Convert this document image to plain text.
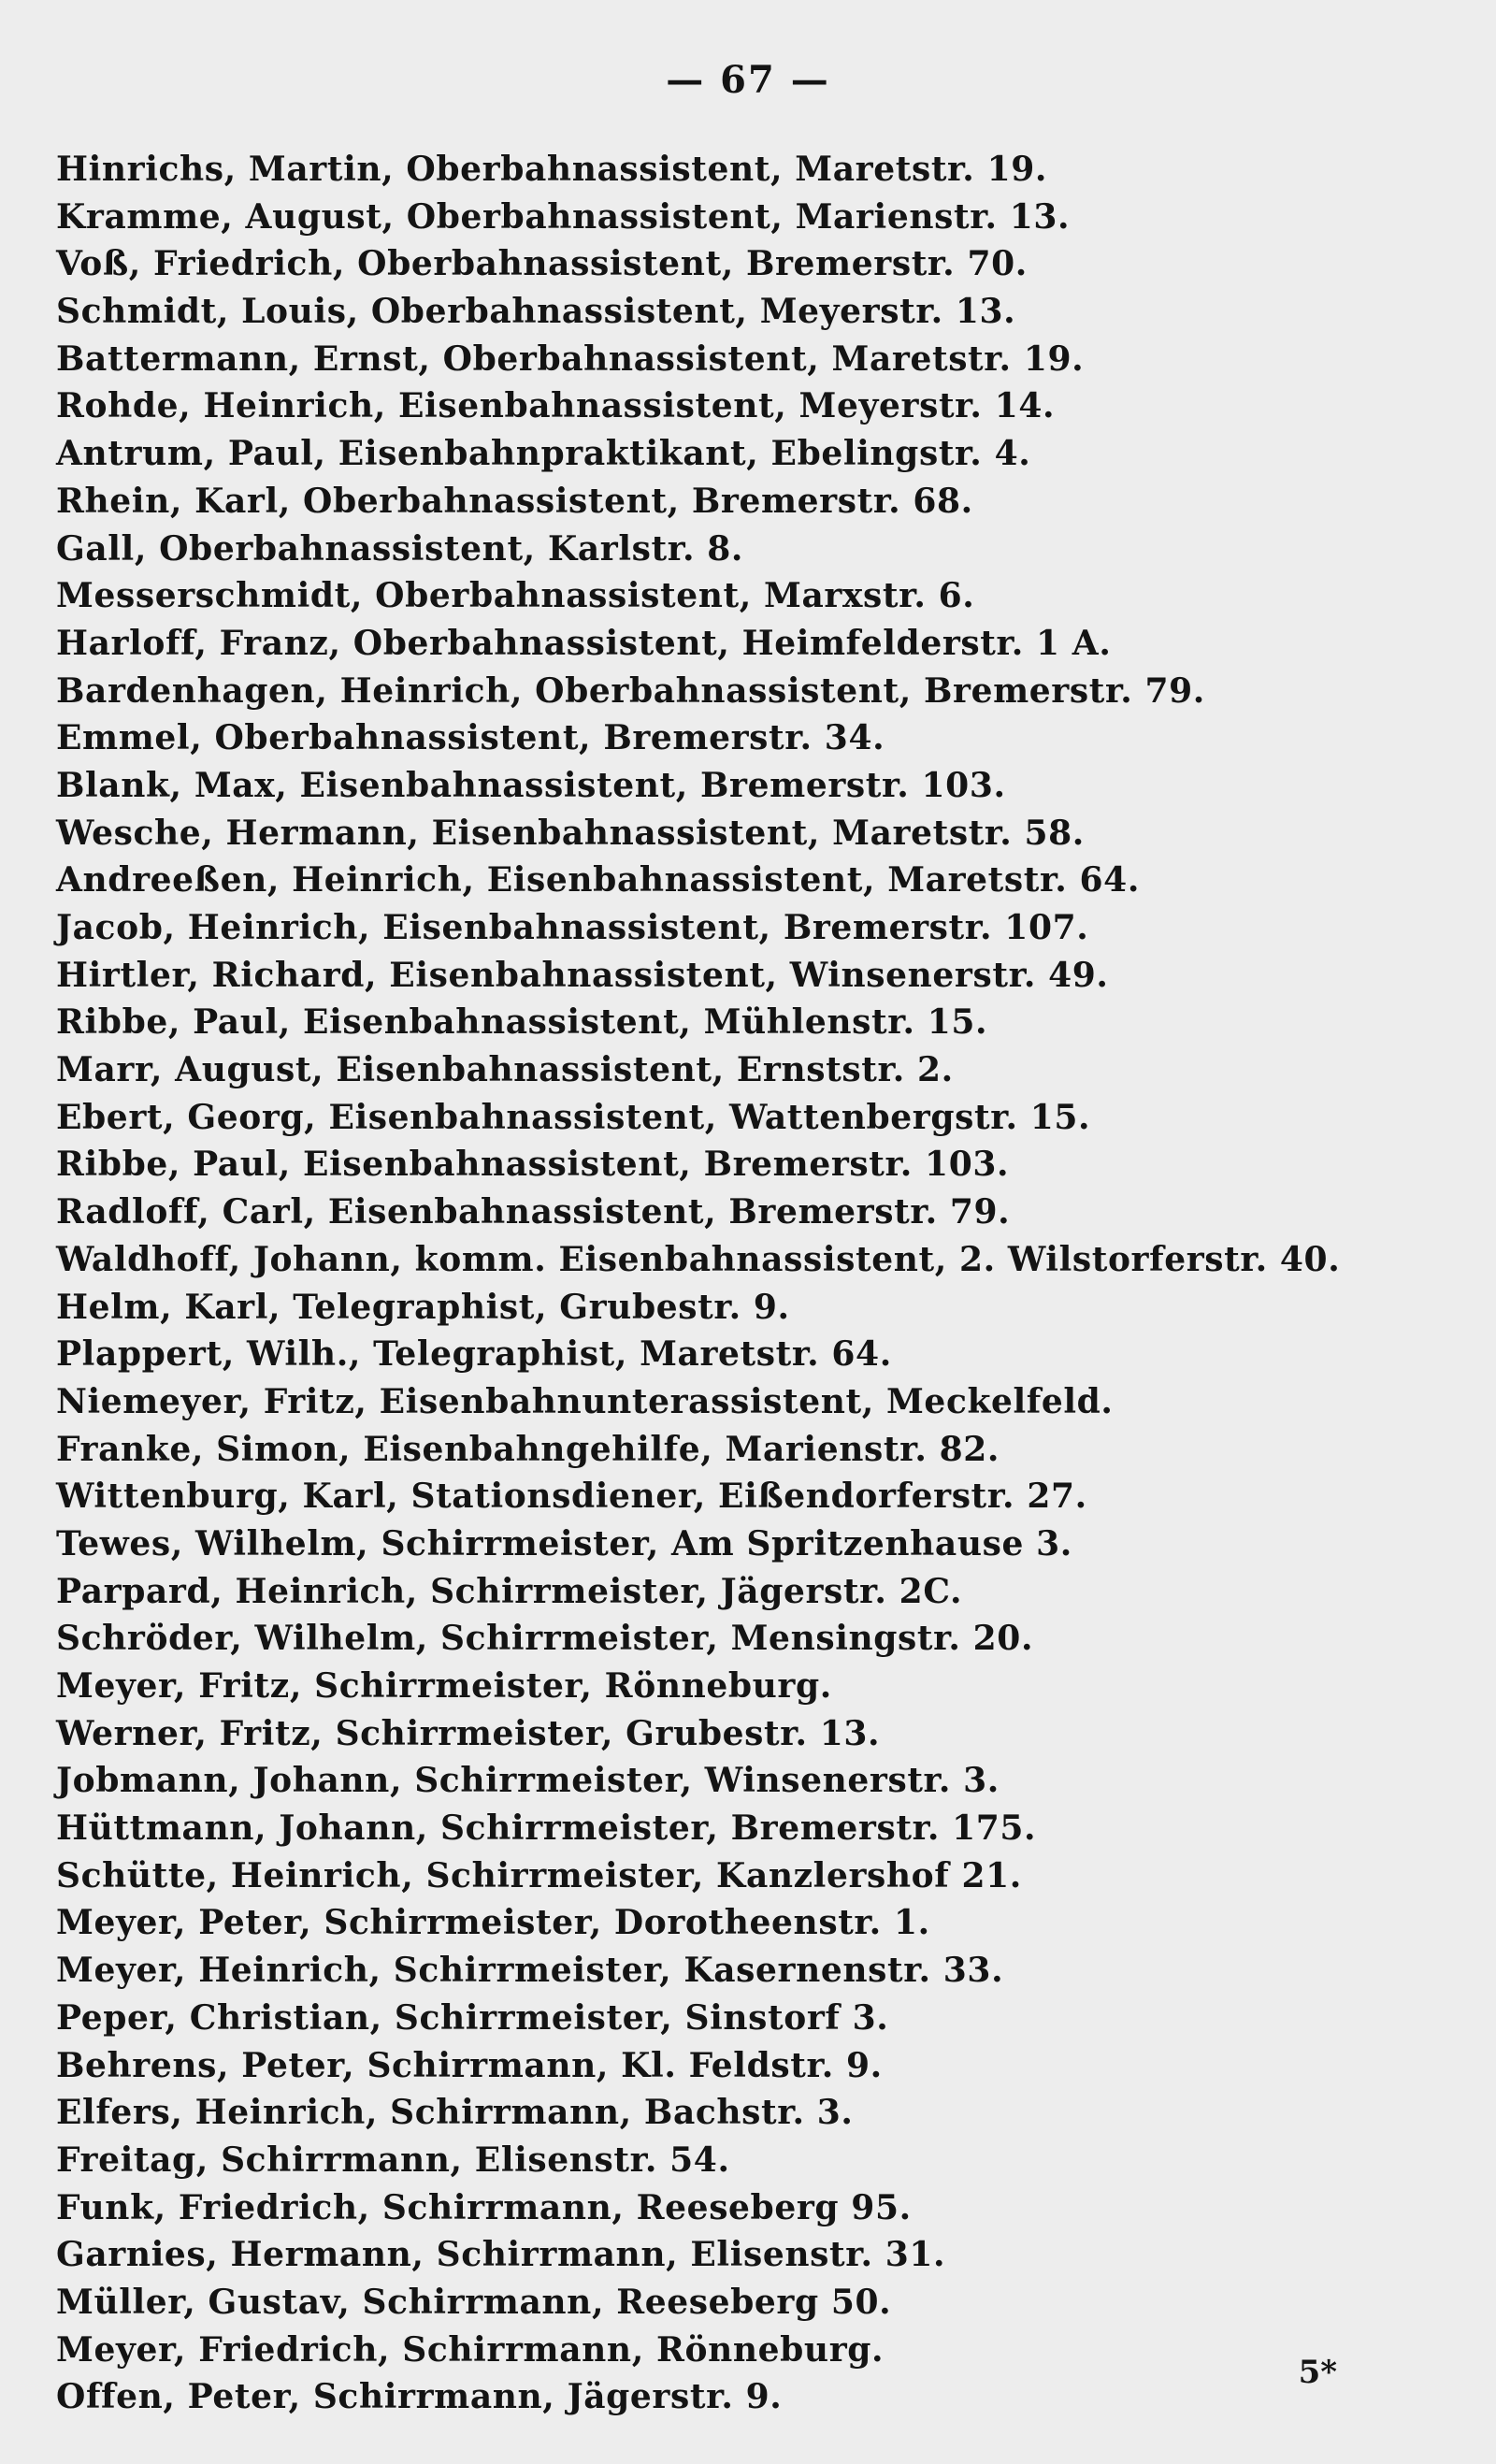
— 67 —
Hinrichs, Martin, Oberbahnassistent, Maretstr. 19.
Kramme, August, Oberbahnassistent, Marienstr. 13.
Voß, Friedrich, Oberbahnassistent, Bremerstr. 70.
Schmidt, Louis, Oberbahnassistent, Meyerstr. 13.
Battermann, Ernst, Oberbahnassistent, Maretstr. 19.
Rohde, Heinrich, Eisenbahnassistent, Meyerstr. 14.
Antrum, Paul, Eisenbahnpraktikant, Ebelingstr. 4.
Rhein, Karl, Oberbahnassistent, Bremerstr. 68.
Gall, Oberbahnassistent, Karlstr. 8.
Messerschmidt, Oberbahnassistent, Marxstr. 6.
Harloff, Franz, Oberbahnassistent, Heimfelderstr. 1 A.
Bardenhagen, Heinrich, Oberbahnassistent, Bremerstr. 79.
Emmel, Oberbahnassistent, Bremerstr. 34.
Blank, Max, Eisenbahnassistent, Bremerstr. 103.
Wesche, Hermann, Eisenbahnassistent, Maretstr. 58.
Andreeßen, Heinrich, Eisenbahnassistent, Maretstr. 64.
Jacob, Heinrich, Eisenbahnassistent, Bremerstr. 107.
Hirtler, Richard, Eisenbahnassistent, Winsenerstr. 49.
Ribbe, Paul, Eisenbahnassistent, Mühlenstr. 15.
Marr, August, Eisenbahnassistent, Ernststr. 2.
Ebert, Georg, Eisenbahnassistent, Wattenbergstr. 15.
Ribbe, Paul, Eisenbahnassistent, Bremerstr. 103.
Radloff, Carl, Eisenbahnassistent, Bremerstr. 79.
Waldhoff, Johann, komm. Eisenbahnassistent, 2. Wilstorferstr. 40.
Helm, Karl, Telegraphist, Grubestr. 9.
Plappert, Wilh., Telegraphist, Maretstr. 64.
Niemeyer, Fritz, Eisenbahnunterassistent, Meckelfeld.
Franke, Simon, Eisenbahngehilfe, Marienstr. 82.
Wittenburg, Karl, Stationsdiener, Eißendorferstr. 27.
Tewes, Wilhelm, Schirrmeister, Am Spritzenhause 3.
Parpard, Heinrich, Schirrmeister, Jägerstr. 2C.
Schröder, Wilhelm, Schirrmeister, Mensingstr. 20.
Meyer, Fritz, Schirrmeister, Rönneburg.
Werner, Fritz, Schirrmeister, Grubestr. 13.
Jobmann, Johann, Schirrmeister, Winsenerstr. 3.
Hüttmann, Johann, Schirrmeister, Bremerstr. 175.
Schütte, Heinrich, Schirrmeister, Kanzlershof 21.
Meyer, Peter, Schirrmeister, Dorotheenstr. 1.
Meyer, Heinrich, Schirrmeister, Kasernenstr. 33.
Peper, Christian, Schirrmeister, Sinstorf 3.
Behrens, Peter, Schirrmann, Kl. Feldstr. 9.
Elfers, Heinrich, Schirrmann, Bachstr. 3.
Freitag, Schirrmann, Elisenstr. 54.
Funk, Friedrich, Schirrmann, Reeseberg 95.
Garnies, Hermann, Schirrmann, Elisenstr. 31.
Müller, Gustav, Schirrmann, Reeseberg 50.
Meyer, Friedrich, Schirrmann, Rönneburg.
Offen, Peter, Schirrmann, Jägerstr. 9.
5*
